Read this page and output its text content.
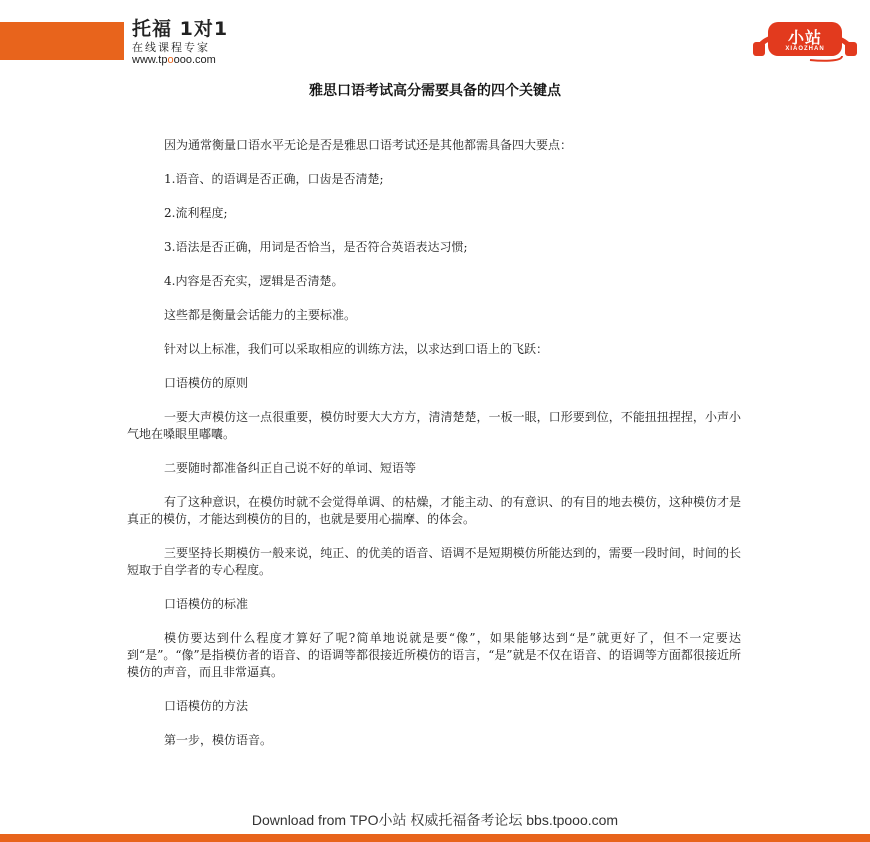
托福 1对1
在线课程专家
www.tpoooo.com
小站
XIAOZHAN
雅思口语考试高分需要具备的四个关键点

因为通常衡量口语水平无论是否是雅思口语考试还是其他都需具备四大要点：

1.语音、的语调是否正确，口齿是否清楚;

2.流利程度;

3.语法是否正确，用词是否恰当，是否符合英语表达习惯;

4.内容是否充实，逻辑是否清楚。

这些都是衡量会话能力的主要标准。

针对以上标准，我们可以采取相应的训练方法，以求达到口语上的飞跃：

口语模仿的原则

一要大声模仿这一点很重要，模仿时要大大方方，清清楚楚，一板一眼，口形要到位，不能扭扭捏捏，小声小气地在嗓眼里嘟囔。

二要随时都准备纠正自己说不好的单词、短语等

有了这种意识，在模仿时就不会觉得单调、的枯燥，才能主动、的有意识、的有目的地去模仿，这种模仿才是真正的模仿，才能达到模仿的目的，也就是要用心揣摩、的体会。

三要坚持长期模仿一般来说，纯正、的优美的语音、语调不是短期模仿所能达到的，需要一段时间，时间的长短取于自学者的专心程度。

口语模仿的标准

模仿要达到什么程度才算好了呢?简单地说就是要“像”，如果能够达到“是”就更好了，但不一定要达到“是”。“像”是指模仿者的语音、的语调等都很接近所模仿的语言，“是”就是不仅在语音、的语调等方面都很接近所模仿的声音，而且非常逼真。

口语模仿的方法

第一步，模仿语音。

Download from TPO小站 权威托福备考论坛 bbs.tpooo.com
